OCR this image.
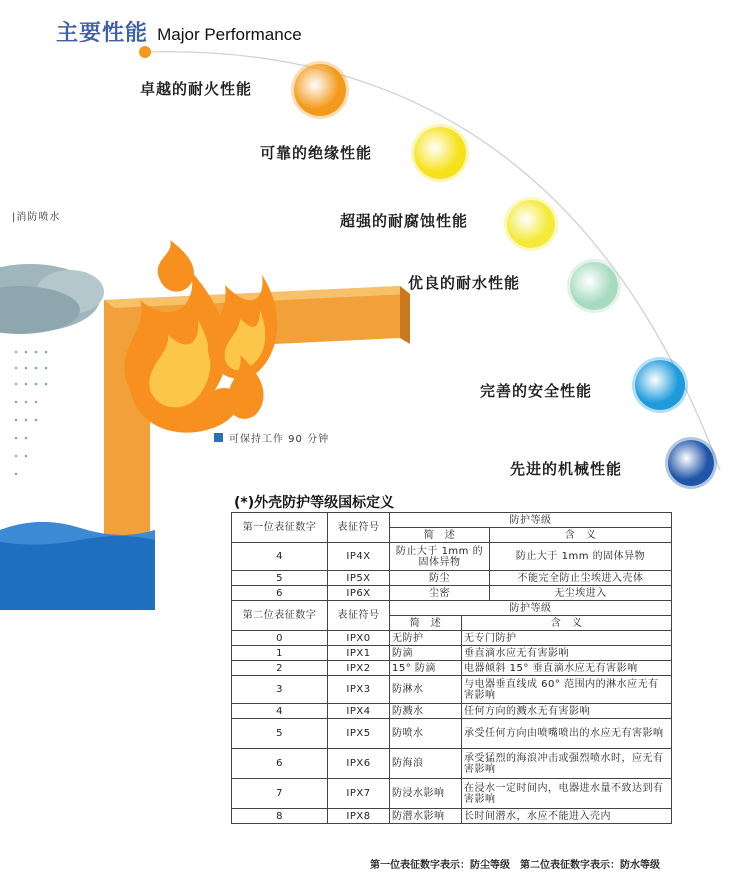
主要性能 Major Performance
卓越的耐火性能
可靠的绝缘性能
超强的耐腐蚀性能
优良的耐水性能
完善的安全性能
先进的机械性能
|消防喷水
可保持工作 90 分钟
(*)外壳防护等级国标定义
第一位表征数字	表征符号	防护等级		
		简　述		含　义
4	IP4X	防止大于 1mm 的固体异物		防止大于 1mm 的固体异物
5	IP5X	防尘		不能完全防止尘埃进入壳体
6	IP6X	尘密		无尘埃进入
第二位表征数字	表征符号	防护等级		
		简　述	含　义	
0	IPX0	无防护	无专门防护	
1	IPX1	防滴	垂直滴水应无有害影响	
2	IPX2	15° 防滴	电器倾斜 15° 垂直滴水应无有害影响	
3	IPX3	防淋水	与电器垂直线成 60° 范围内的淋水应无有害影响	
4	IPX4	防溅水	任何方向的溅水无有害影响	
5	IPX5	防喷水	承受任何方向由喷嘴喷出的水应无有害影响	
6	IPX6	防海浪	承受猛烈的海浪冲击或强烈喷水时，应无有害影响	
7	IPX7	防浸水影响	在浸水一定时间内，电器进水量不致达到有害影响	
8	IPX8	防潜水影响	长时间潜水，水应不能进入壳内	
第一位表征数字表示：防尘等级　第二位表征数字表示：防水等级
